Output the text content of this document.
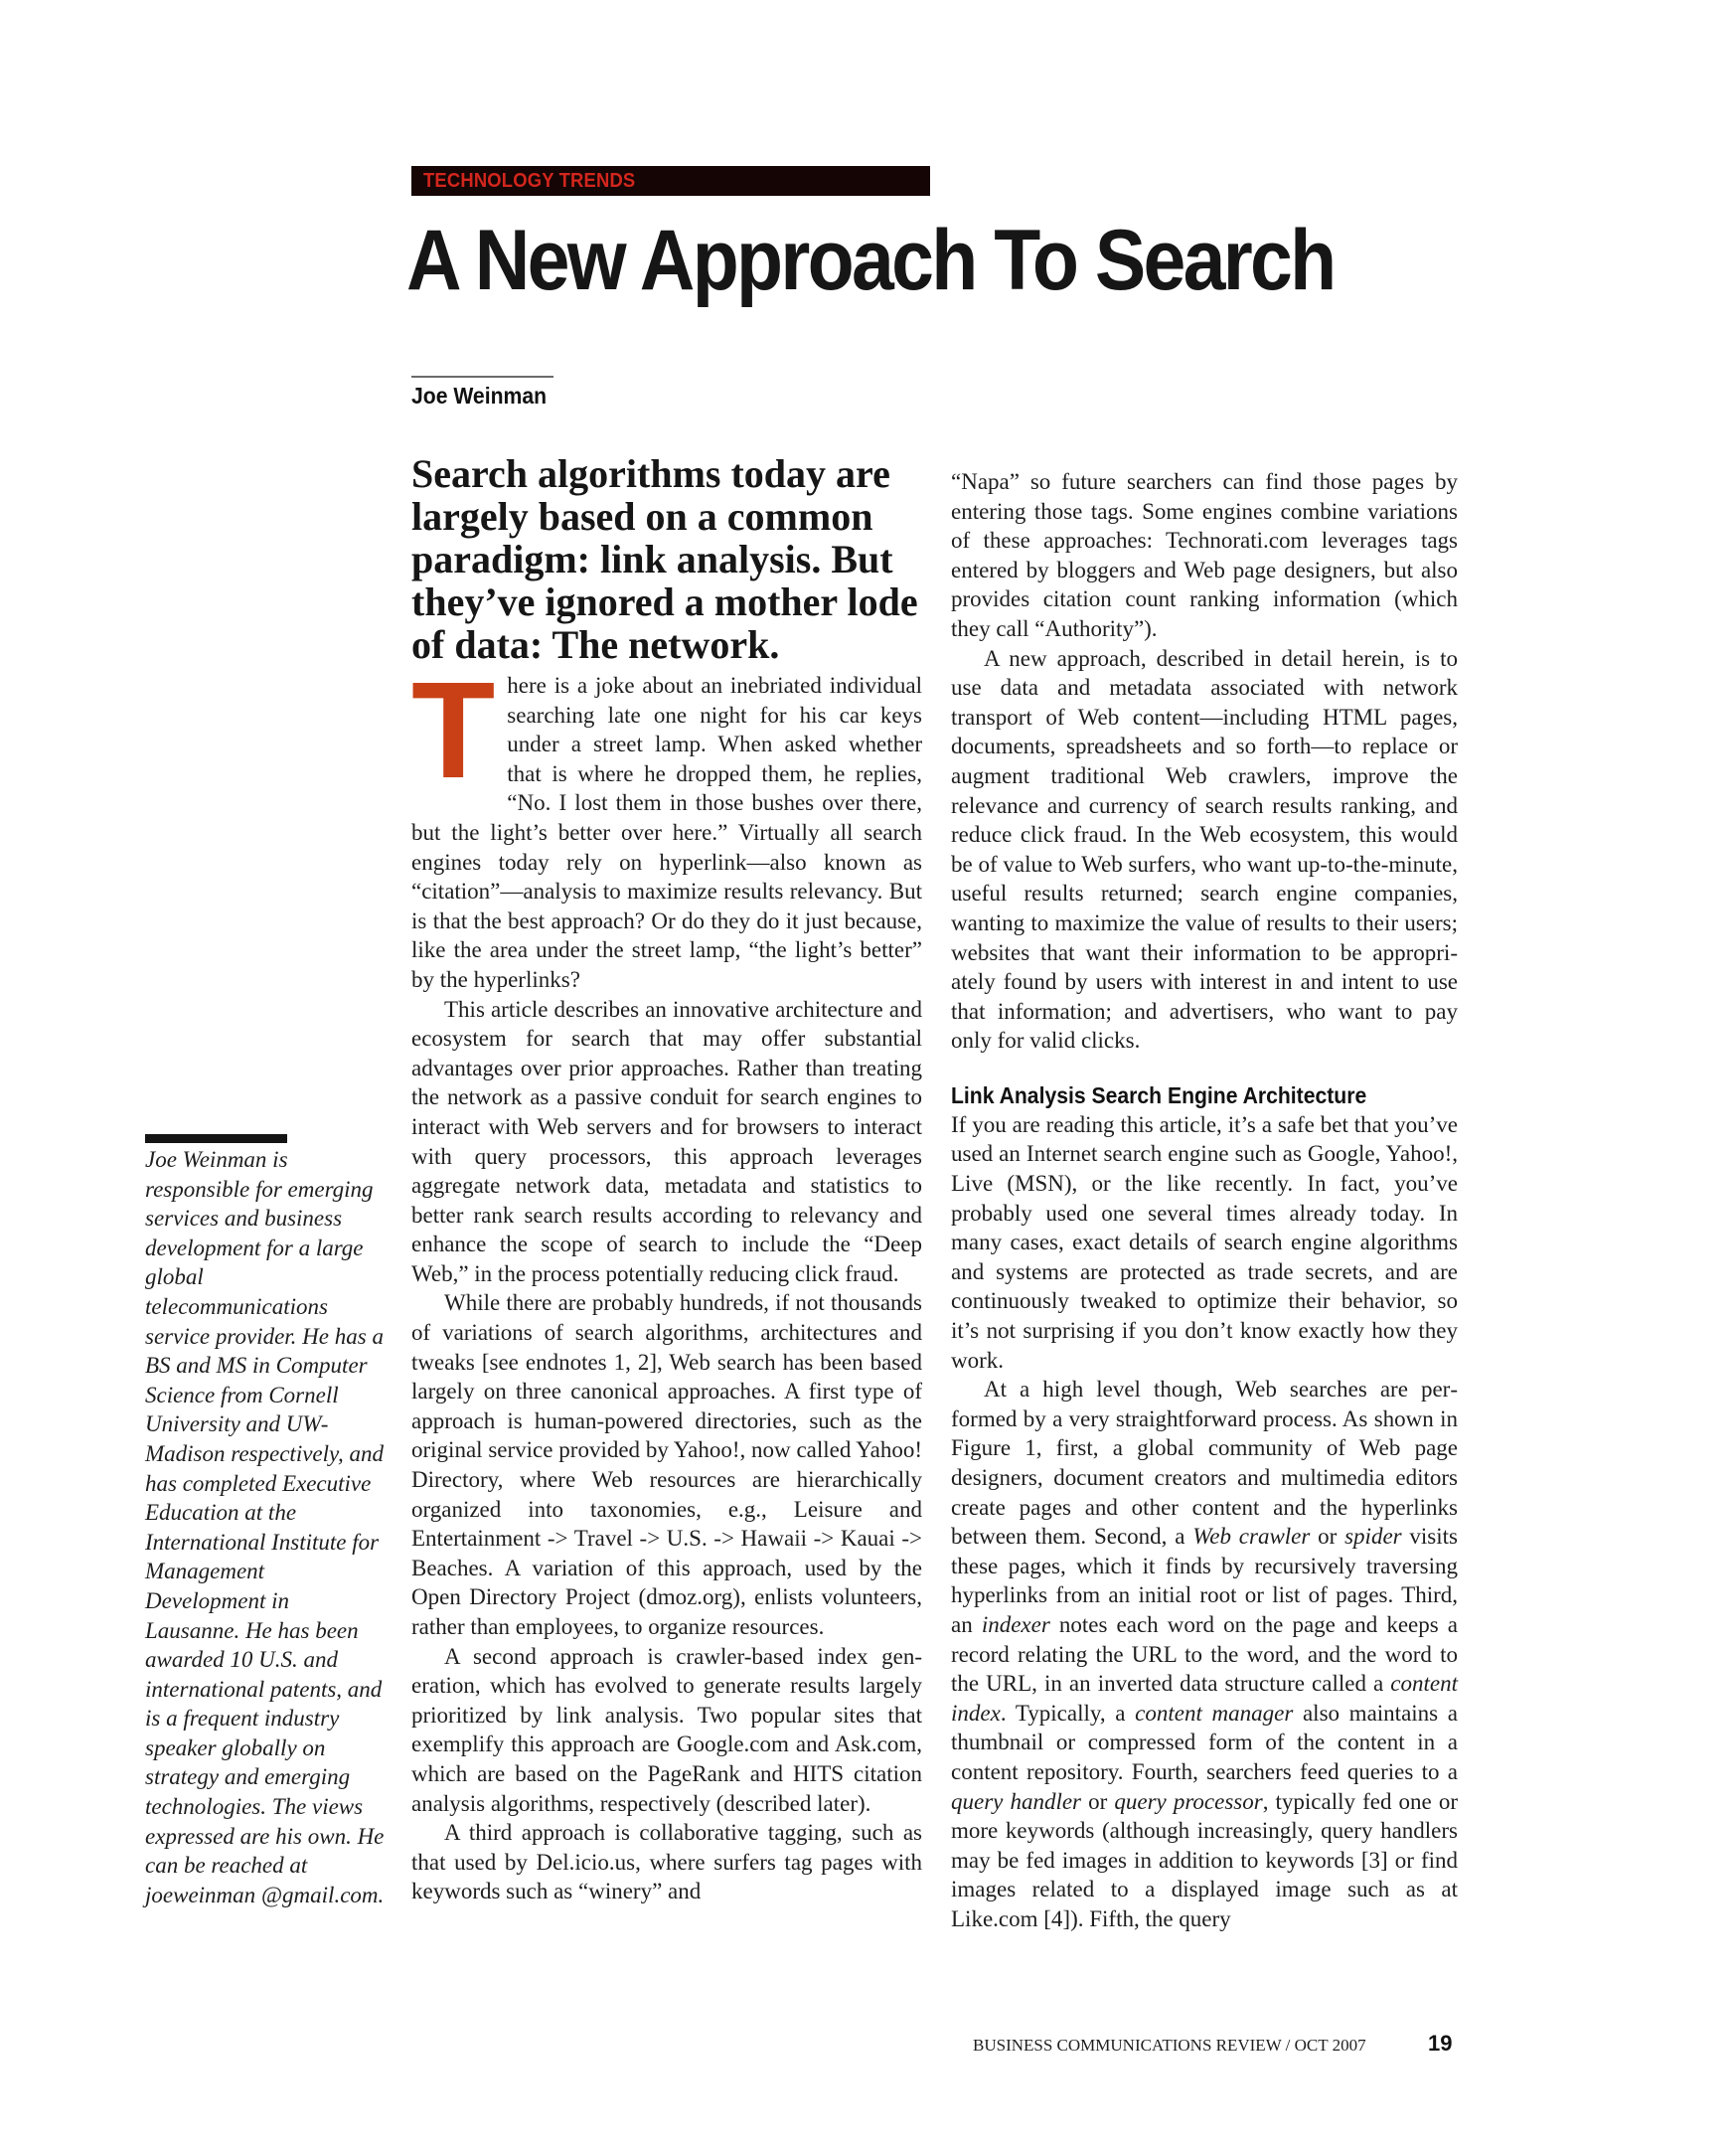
TECHNOLOGY TRENDS
A New Approach To Search
Joe Weinman
Search algorithms today are largely based on a common paradigm: link analysis. But they’ve ignored a mother lode of data: The network.

There is a joke about an inebriated individual searching late one night for his car keys under a street lamp. When asked whether that is where he dropped them, he replies, “No. I lost them in those bushes over there, but the light’s better over here.” Virtually all search engines today rely on hyperlink—also known as “citation”—analysis to maximize results relevancy. But is that the best approach? Or do they do it just because, like the area under the street lamp, “the light’s better” by the hyperlinks?

This article describes an innovative architecture and ecosystem for search that may offer substantial advantages over prior approaches. Rather than treating the network as a passive conduit for search engines to interact with Web servers and for browsers to interact with query processors, this approach leverages aggregate network data, metadata and statistics to better rank search results according to relevancy and enhance the scope of search to include the “Deep Web,” in the process potentially reducing click fraud.

While there are probably hundreds, if not thousands of variations of search algorithms, architectures and tweaks [see endnotes 1, 2], Web search has been based largely on three canonical approaches. A first type of approach is human-powered directories, such as the original service provided by Yahoo!, now called Yahoo! Directory, where Web resources are hierarchically organized into taxonomies, e.g., Leisure and Entertainment -> Travel -> U.S. -> Hawaii -> Kauai -> Beaches. A variation of this approach, used by the Open Directory Project (dmoz.org), enlists volunteers, rather than employees, to organize resources.

A second approach is crawler-based index generation, which has evolved to generate results largely prioritized by link analysis. Two popular sites that exemplify this approach are Google.com and Ask.com, which are based on the PageRank and HITS citation analysis algorithms, respectively (described later).

A third approach is collaborative tagging, such as that used by Del.icio.us, where surfers tag pages with keywords such as “winery” and

“Napa” so future searchers can find those pages by entering those tags. Some engines combine variations of these approaches: Technorati.com leverages tags entered by bloggers and Web page designers, but also provides citation count ranking information (which they call “Authority”).

A new approach, described in detail herein, is to use data and metadata associated with network transport of Web content—including HTML pages, documents, spreadsheets and so forth—to replace or augment traditional Web crawlers, improve the relevance and currency of search results ranking, and reduce click fraud. In the Web ecosystem, this would be of value to Web surfers, who want up-to-the-minute, useful results returned; search engine companies, wanting to maximize the value of results to their users; websites that want their information to be appropriately found by users with interest in and intent to use that information; and advertisers, who want to pay only for valid clicks.

Link Analysis Search Engine Architecture

If you are reading this article, it’s a safe bet that you’ve used an Internet search engine such as Google, Yahoo!, Live (MSN), or the like recently. In fact, you’ve probably used one several times already today. In many cases, exact details of search engine algorithms and systems are protected as trade secrets, and are continuously tweaked to optimize their behavior, so it’s not surprising if you don’t know exactly how they work.

At a high level though, Web searches are performed by a very straightforward process. As shown in Figure 1, first, a global community of Web page designers, document creators and multimedia editors create pages and other content and the hyperlinks between them. Second, a Web crawler or spider visits these pages, which it finds by recursively traversing hyperlinks from an initial root or list of pages. Third, an indexer notes each word on the page and keeps a record relating the URL to the word, and the word to the URL, in an inverted data structure called a content index. Typically, a content manager also maintains a thumbnail or compressed form of the content in a content repository. Fourth, searchers feed queries to a query handler or query processor, typically fed one or more keywords (although increasingly, query handlers may be fed images in addition to keywords [3] or find images related to a displayed image such as at Like.com [4]). Fifth, the query

Joe Weinman is responsible for emerging services and business development for a large global telecommunications service provider. He has a BS and MS in Computer Science from Cornell University and UW-Madison respectively, and has completed Executive Education at the International Institute for Management Development in Lausanne. He has been awarded 10 U.S. and international patents, and is a frequent industry speaker globally on strategy and emerging technologies. The views expressed are his own. He can be reached at joeweinman @gmail.com.
BUSINESS COMMUNICATIONS REVIEW / OCT 2007	19
